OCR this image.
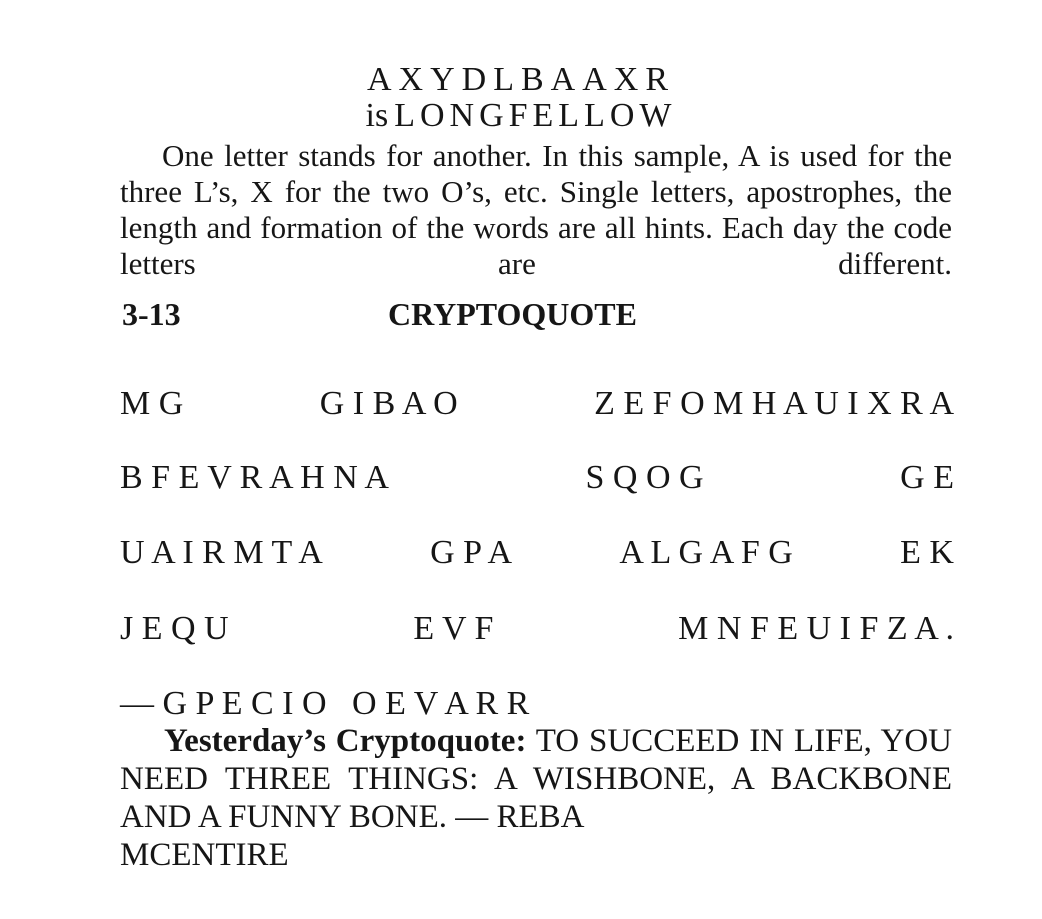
AXYDLBAAXR
is LONGFELLOW

One letter stands for another. In this sample, A is used for the three L’s, X for the two O’s, etc. Single letters, apostrophes, the length and formation of the words are all hints. Each day the code letters are different.

3-13	CRYPTOQUOTE
M G	G I B A O	Z E F O M H A U I X R A
B F E V R A H N A	S Q O G	G E
U A I R M T A	G P A	A L G A F G	E K
J E Q U	E V F	M N F E U I F Z A .
— G P E C I O   O E V A R R

Yesterday’s Cryptoquote: TO SUCCEED IN LIFE, YOU NEED THREE THINGS: A WISHBONE, A BACKBONE AND A FUNNY BONE. — REBA
MCENTIRE
